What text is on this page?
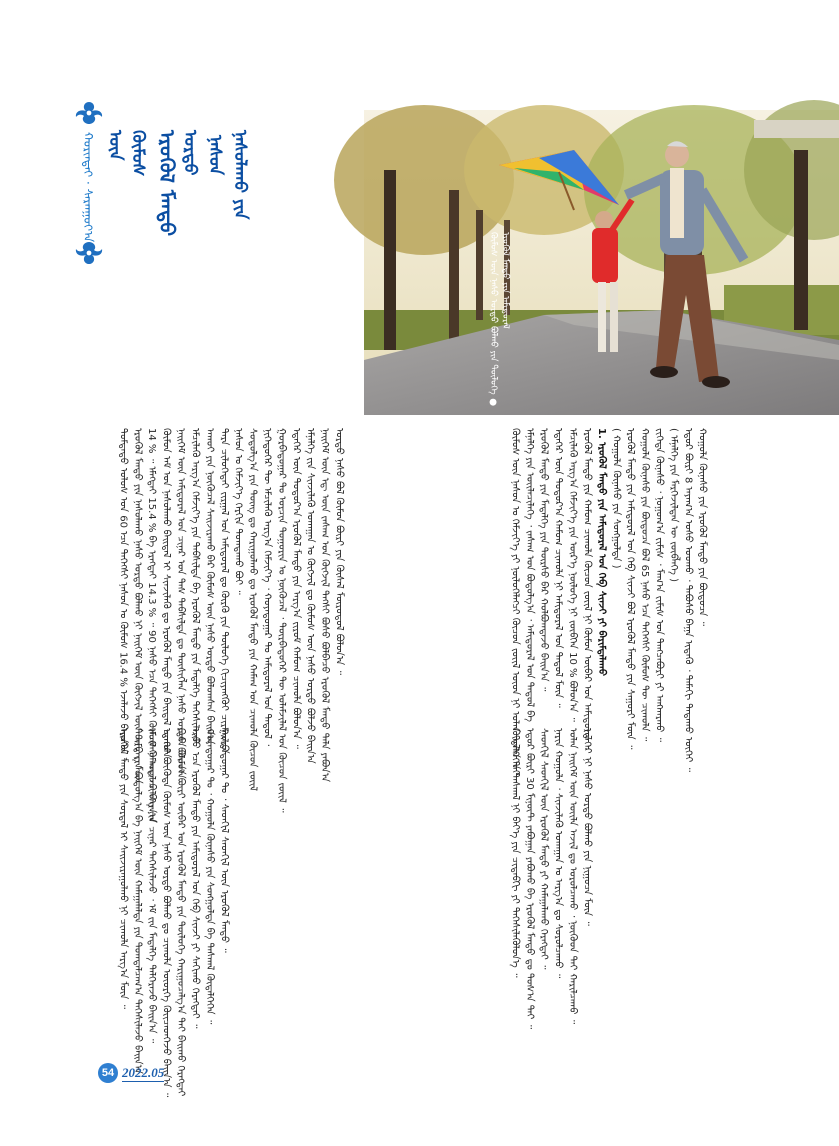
ᠡᠷᠦᠬᠦᠯ ᠮᠡᠨᠳᠦ
ᠬᠦᠮᠦᠰ
ᠦᠨ	ᠨᠠᠰᠤᠨ
ᠤᠷᠲᠤ ᠨᠠᠰᠤᠯᠠᠬᠤ ᠶᠢᠨ
ᠬᠣᠷᠢᠨᠳᠠᠢ · ᠰᠠᠷᠠᠨᠭᠤᠶ᠎ᠠ
ᠬᠦᠮᠦᠰ ᠦᠨ ᠨᠠᠰᠤ ᠤᠷᠲᠤ ᠪᠣᠯᠬᠤ ᠶᠢᠨ ᠲᠥᠯᠦᠭᠡ ● ᠡᠷᠦᠬᠦᠯ ᠮᠡᠨᠳᠦ ᠶᠢᠨ ᠠᠮᠢᠳᠤᠷᠠᠯ
ᠳᠤᠮᠳᠠᠳᠤ ᠤᠯᠤᠰ ᠤᠨ 60 ᠡᠴᠡ ᠳᠡᠭᠡᠭᠰᠢ ᠨᠠᠰᠤᠨ ᠤ ᠬᠦᠮᠦᠰ 16.4 % ᠡᠵᠡᠯᠡᠵᠦ ᠪᠠᠢᠨ᠎ᠠ ᠃ ᠡᠷᠦᠬᠦᠯ ᠮᠡᠨᠳᠦ ᠶᠢᠨ ᠨᠠᠰᠤᠯᠠᠬᠤ ᠨᠠᠰᠤ ᠤᠷᠲᠤ ᠪᠣᠯᠬᠤ ᠨᠢ ᠨᠡᠢᠭᠡᠮ ᠦᠨ ᠬᠥᠭᠵᠢᠯ ᠦᠨ ᠲᠡᠮᠳᠡᠭ ᠮᠥᠨ ᠃ 14 % ᠃ ᠡᠮᠡᠭᠲᠡᠢ 15.4 % ᠪᠠ ᠡᠷᠡᠭᠲᠡᠢ 14.3 % ᠃ 90 ᠨᠠᠰᠤ ᠡᠴᠡ ᠳᠡᠭᠡᠭᠰᠢ ᠬᠦᠮᠦᠰ ᠨᠡᠮᠡᠭ᠍ᠳᠡᠵᠦ ᠪᠠᠢᠨ᠎ᠠ ᠬᠦᠮᠦᠨ ᠠᠮ ᠤᠨ ᠨᠠᠰᠤᠯᠠᠬᠤ ᠪᠠᠢᠳᠠᠯ ᠢ ᠰᠢᠨᠵᠢᠯᠡᠬᠦ ᠳᠤ ᠡᠷᠦᠬᠦᠯ ᠮᠡᠨᠳᠦ ᠶᠢᠨ ᠪᠠᠢᠳᠠᠯ ᠴᠢᠬᠤᠯᠠ ᠨᠡᠢᠭᠡᠮ ᠦᠨ ᠠᠮᠢᠳᠤᠷᠠᠯ ᠤᠨ ᠴᠢᠨᠠᠷ ᠤᠨ ᠳᠡᠰ ᠳᠡᠪᠰᠢᠯᠲᠡ ᠳᠤ ᠲᠦᠰᠢᠭᠯᠡᠨ ᠨᠠᠰᠤ ᠤᠷᠲᠤ ᠪᠣᠯᠤᠨ᠎ᠠ ᠡᠮᠴᠢᠯᠡᠬᠦ ᠠᠷᠭ᠎ᠠ ᠬᠡᠮᠵᠢᠶ᠎ᠡ ᠶᠢᠨ ᠳᠡᠪᠰᠢᠯᠲᠡ ᠪᠠ ᠡᠷᠦᠬᠦᠯ ᠮᠡᠨᠳᠦ ᠶᠢᠨ ᠮᠡᠳᠡᠯᠭᠡ ᠳᠡᠭᠡᠰᠢᠯᠡᠵᠦ ᠠᠬᠤᠢ ᠶᠢᠨ ᠨᠥᠬᠦᠴᠡᠯ ᠰᠠᠢᠵᠢᠷᠠᠬᠤ ᠪᠠᠷ ᠬᠦᠮᠦᠰ ᠦᠨ ᠨᠠᠰᠤ ᠤᠷᠲᠤ ᠪᠣᠯᠤᠭᠰᠠᠨ ᠪᠠᠢᠨ᠎ᠠ ᠃ ᠲᠡᠷᠡ ᠴᠢᠯᠦᠭᠡᠲᠡᠢ ᠵᠢᠷᠭᠠᠯ ᠤᠨ ᠠᠮᠢᠳᠤᠷᠠᠯ ᠳᠤ ᠬᠦᠷᠬᠦ ᠶᠢᠨ ᠲᠥᠯᠦᠭᠡ ᠬᠢᠴᠢᠶᠡᠩᠭᠦᠢ ᠴᠢᠷᠮᠠᠢᠯᠲᠠ ᠨᠠᠰᠤᠨ ᠤ ᠬᠡᠮᠵᠢᠶ᠎ᠡ ᠬᠡᠷᠬᠢᠨ ᠲᠣᠭᠲᠠᠬᠤ ᠪᠤᠢ ᠃ ᠰᠤᠳᠤᠯᠭ᠎ᠠ ᠶᠢᠨ ᠳᠦᠩ ᠳᠤ ᠬᠠᠷᠢᠭᠤᠯᠬᠤ ᠳᠤ ᠡᠷᠦᠬᠦᠯ ᠮᠡᠨᠳᠦ ᠶᠢᠨ ᠬᠠᠮᠠᠭ ᠤᠨ ᠴᠢᠬᠤᠯᠠ ᠬᠦᠴᠦᠨ ᠵᠦᠢᠯ ᠨᠢᠭᠡᠳᠦᠭᠡᠷ ᠲᠦ ᠡᠮᠴᠢᠯᠡᠬᠦ ᠠᠷᠭ᠎ᠠ ᠬᠡᠮᠵᠢᠶ᠎ᠡ ᠂ ᠬᠣᠶᠠᠳᠤᠭᠠᠷ ᠲᠤ ᠠᠮᠢᠳᠤᠷᠠᠯ ᠤᠨ ᠳᠠᠳᠤᠯ ᠂ ᠭᠤᠷᠪᠠᠳᠤᠭᠠᠷ ᠲᠤ ᠣᠷᠴᠢᠨ ᠲᠣᠭᠣᠷᠢᠨ ᠤ ᠨᠥᠬᠦᠴᠡᠯ ᠂ ᠳᠥᠷᠪᠡᠳᠦᠭᠡᠷ ᠲᠦ ᠤᠯᠠᠮᠵᠢᠯᠠᠯ ᠤᠨ ᠬᠦᠴᠦᠨ ᠵᠦᠢᠯ ᠃ ᠡᠳᠡᠭᠡᠷ ᠦᠨ ᠳᠣᠲᠣᠷ᠎ᠠ ᠡᠷᠦᠬᠦᠯ ᠮᠡᠨᠳᠦ ᠶᠢᠨ ᠠᠷᠭ᠎ᠠ ᠵᠢᠷᠤᠮ ᠬᠠᠮᠤᠭ ᠴᠢᠬᠤᠯᠠ ᠪᠣᠯᠤᠨ᠎ᠠ ᠃ ᠡᠮᠨᠡᠯᠭᠡ ᠵᠢᠨ ᠰᠢᠨᠵᠢᠯᠡᠬᠦ ᠤᠬᠠᠭᠠᠨ ᠤ ᠬᠥᠭᠵᠢᠯ ᠳᠤ ᠬᠦᠮᠦᠰ ᠦᠨ ᠨᠠᠰᠤ ᠤᠷᠲᠤ ᠪᠣᠯᠵᠤ ᠪᠠᠢᠨ᠎ᠠ ᠨᠡᠢᠭᠡᠮ ᠦᠨ ᠡᠳ᠋ ᠦᠨ ᠵᠠᠰᠠᠭ ᠤᠨ ᠬᠥᠭᠵᠢᠯ ᠲᠡᠭᠰᠢ ᠪᠤᠰᠤ ᠪᠣᠯᠪᠠᠴᠤ ᠡᠷᠦᠬᠦᠯ ᠮᠡᠨᠳᠦ ᠳᠠᠯᠠ ᠶᠠᠪᠤᠨ᠎ᠠ ᠤᠷᠲᠤ ᠨᠠᠰᠤ ᠪᠣᠯ ᠬᠦᠮᠦᠨ ᠪᠦᠷᠢ ᠶᠢᠨ ᠬᠦᠰᠡᠯ ᠮᠥᠷᠥᠳᠥᠯ ᠪᠣᠯᠤᠨ᠎ᠠ ᠃
ᠡᠷᠦᠬᠦᠯ ᠮᠡᠨᠳᠦ ᠶᠢᠨ ᠰᠤᠷᠲᠠᠯ ᠢ ᠰᠠᠢᠵᠢᠷᠠᠭᠤᠯᠬᠤ ᠨᠢ ᠴᠢᠬᠤᠯᠠ ᠠᠷᠭ᠎ᠠ ᠮᠥᠨ ᠃ ᠲᠥᠷᠥ ᠶᠢᠨ ᠪᠣᠳᠣᠯᠭ᠎ᠠ ᠪᠠ ᠨᠡᠢᠭᠡᠮ ᠦᠨ ᠬᠠᠮᠠᠭᠠᠯᠠᠯᠲᠠ ᠶᠢᠨ ᠲᠣᠭᠲᠠᠯᠴᠠᠭ᠎ᠠ ᠳᠡᠭᠡᠰᠢᠯᠡᠵᠦ ᠪᠠᠢᠨ᠎ᠠ ᠡᠮᠴᠢᠯᠡᠬᠦ ᠦᠢᠯᠡᠴᠢᠯᠡᠭᠡ ᠶᠢᠨ ᠴᠢᠨᠠᠷ ᠳᠡᠭᠡᠰᠢᠯᠡᠵᠦ ᠂ ᠡᠮ ᠵᠢᠨ ᠮᠡᠳᠡᠯᠭᠡ ᠳᠡᠯᠭᠡᠷᠡᠵᠦ ᠪᠠᠢᠨ᠎ᠠ ᠃ ᠡᠳᠡᠭᠡᠷ ᠪᠦᠭᠦᠳᠡ ᠬᠦᠮᠦᠰ ᠦᠨ ᠨᠠᠰᠤ ᠤᠷᠲᠤ ᠪᠣᠯᠬᠤ ᠳᠤ ᠴᠢᠬᠤᠯᠠ ᠦᠦᠷᠭᠡ ᠭᠦᠢᠴᠡᠳᠬᠡᠵᠦ ᠪᠠᠢᠨ᠎ᠠ ᠃ ᠪᠠᠰᠠ ᠬᠦᠮᠦᠨ ᠪᠦᠷᠢ ᠥᠪᠡᠷ ᠤᠨ ᠡᠷᠦᠬᠦᠯ ᠮᠡᠨᠳᠦ ᠶᠢᠨ ᠲᠥᠯᠦᠭᠡ ᠬᠠᠷᠢᠭᠤᠴᠠᠯᠭ᠎ᠠ ᠲᠠᠢ ᠪᠠᠢᠬᠤ ᠬᠡᠷᠡᠭᠲᠡᠢ ᠡᠢᠮᠦ ᠡᠴᠡ ᠡᠷᠦᠬᠦᠯ ᠮᠡᠨᠳᠦ ᠶᠢᠨ ᠠᠮᠢᠳᠤᠷᠠᠯ ᠤᠨ ᠬᠡᠪ ᠰᠢᠨᠵᠢ ᠶᠢ ᠰᠠᠬᠢᠬᠤ ᠬᠡᠷᠡᠭᠲᠡᠢ ᠃ ᠬᠣᠶᠠᠳᠤᠭᠠᠷ ᠲᠤ ᠂ ᠬᠣᠭᠣᠯᠠ ᠬᠦᠨᠡᠰᠦ ᠶᠢᠨ ᠰᠣᠩᠭᠣᠯᠲᠠ ᠪᠠ ᠳᠠᠰᠬᠠᠯ ᠬᠥᠳᠡᠯᠭᠡᠭᠡᠨ ᠃ ᠭᠤᠷᠪᠠᠳᠤᠭᠠᠷ ᠲᠤ ᠂ ᠰᠡᠳᠬᠢᠯ ᠰᠡᠳᠬᠢᠯ ᠦᠨ ᠡᠷᠦᠬᠦᠯ ᠮᠡᠨᠳᠦ ᠃
ᠬᠦᠮᠦᠰ ᠦᠨ ᠨᠠᠰᠤᠨ ᠤ ᠬᠡᠮᠵᠢᠶ᠎ᠡ ᠶᠢ ᠨᠥᠯᠥᠭᠡᠯᠡᠭᠴᠢ ᠬᠦᠴᠦᠨ ᠵᠦᠢᠯ ᠦᠳ ᠨᠢ ᠣᠯᠠᠨ ᠲᠠᠯ᠎ᠠ ᠲᠠᠢ ᠡᠮᠨᠡᠯᠭᠡ ᠶᠢᠨ ᠦᠢᠯᠡᠴᠢᠯᠡᠭᠡ ᠂ ᠵᠠᠰᠠᠭ ᠤᠨ ᠪᠣᠳᠣᠯᠭ᠎ᠠ ᠂ ᠠᠮᠢᠳᠤᠷᠠᠯ ᠤᠨ ᠳᠠᠳᠤᠯ ᠪᠠ ᠡᠷᠦᠬᠦᠯ ᠮᠡᠨᠳᠦ ᠶᠢᠨ ᠮᠡᠳᠡᠯᠭᠡ ᠶᠢᠨ ᠳᠦᠷᠰᠦ ᠪᠠᠷ ᠬᠣᠯᠪᠣᠭᠳᠠᠵᠤ ᠪᠠᠢᠨ᠎ᠠ ᠃ ᠡᠳᠡᠭᠡᠷ ᠦᠨ ᠳᠣᠲᠣᠷ᠎ᠠ ᠬᠠᠮᠤᠭ ᠴᠢᠬᠤᠯᠠ ᠨᠢ ᠠᠮᠢᠳᠤᠷᠠᠯ ᠤᠨ ᠳᠠᠳᠤᠯ ᠮᠥᠨ ᠃ ᠡᠮᠴᠢᠯᠡᠬᠦ ᠠᠷᠭ᠎ᠠ ᠬᠡᠮᠵᠢᠶ᠎ᠡ ᠶᠢᠨ ᠦᠷ᠎ᠡ ᠨᠥᠯᠥᠭᠡ ᠨᠢ ᠵᠥᠪᠬᠡᠨ 10 % ᠪᠣᠯᠤᠨ᠎ᠠ ᠃ ᠡᠷᠦᠬᠦᠯ ᠮᠡᠨᠳᠦ ᠶᠢᠨ ᠬᠠᠮᠤᠭ ᠴᠢᠬᠤᠯᠠ ᠬᠦᠴᠦᠨ ᠵᠦᠢᠯ ᠨᠢ ᠬᠦᠮᠦᠨ ᠥᠪᠡᠷ ᠤᠨ ᠠᠮᠢᠳᠤᠷᠠᠯ ᠃ 1. ᠡᠷᠦᠬᠦᠯ ᠮᠡᠨᠳᠦ ᠶᠢᠨ ᠠᠮᠢᠳᠤᠷᠠᠯ ᠤᠨ ᠬᠡᠪ ᠰᠢᠨᠵᠢ ᠶᠢ ᠪᠠᠷᠢᠮᠲᠠᠯᠠᠬᠤ ( ᠬᠣᠭᠣᠯᠠ ᠬᠦᠨᠡᠰᠦ ᠶᠢᠨ ᠰᠣᠩᠭᠣᠯᠲᠠ ) ᠡᠷᠦᠬᠦᠯ ᠮᠡᠨᠳᠦ ᠶᠢᠨ ᠠᠮᠢᠳᠤᠷᠠᠯ ᠤᠨ ᠬᠡᠪ ᠰᠢᠨᠵᠢ ᠪᠣᠯ ᠡᠷᠦᠬᠦᠯ ᠮᠡᠨᠳᠦ ᠶᠢᠨ ᠰᠠᠭᠤᠷᠢ ᠮᠥᠨ ᠃ ᠬᠣᠭᠣᠯᠠ ᠬᠦᠨᠡᠰᠦ ᠶᠢᠨ ᠪᠦᠲᠦᠴᠡ ᠪᠣᠯ 65 ᠨᠠᠰᠤ ᠡᠴᠡ ᠳᠡᠭᠡᠭᠰᠢ ᠬᠦᠮᠦᠰ ᠲᠦ ᠴᠢᠬᠤᠯᠠ ᠃ ᠵᠢᠭᠡᠳᠡ ᠬᠦᠨᠡᠰᠦ ᠂ ᠨᠣᠭᠤᠭ᠎ᠠ ᠵᠢᠮᠢᠰ ᠂ ᠮᠠᠬ᠎ᠠ ᠵᠢᠮᠢᠰ ᠤᠨ ᠲᠡᠩᠴᠡᠪᠦᠷᠢ ᠶᠢ ᠠᠩᠬᠠᠷᠬᠤ ᠃ ( ᠡᠮᠨᠡᠯᠭᠡ ᠶᠢᠨ ᠮᠡᠷᠭᠡᠵᠢᠯᠲᠡᠨ ᠦ ᠵᠥᠪᠯᠡᠭᠡ ) ᠡᠳᠦᠷ ᠪᠦᠷᠢ 8 ᠠᠶᠠᠭ᠎ᠠ ᠤᠰᠤ ᠤᠤᠬᠤ ᠂ ᠳᠠᠪᠤᠰᠤ ᠪᠠᠭᠠ ᠢᠳᠡᠬᠦ ᠂ ᠲᠠᠮᠠᠬᠢ ᠲᠠᠲᠠᠬᠤ ᠦᠭᠡᠢ ᠃ ᠬᠣᠭᠣᠯᠠ ᠬᠦᠨᠡᠰᠦ ᠶᠢᠨ ᠡᠷᠦᠬᠦᠯ ᠮᠡᠨᠳᠦ ᠶᠢᠨ ᠪᠦᠲᠦᠴᠡ ᠃
ᠬᠥᠳᠡᠯᠭᠡᠭᠡᠨ ᠳᠠᠰᠬᠠᠯ ᠨᠢ ᠪᠡᠶ᠎ᠡ ᠶᠢᠨ ᠴᠢᠳᠠᠪᠬᠢ ᠶᠢ ᠳᠡᠭᠡᠰᠢᠯᠡᠭᠦᠯᠦᠨ᠎ᠡ ᠃ ᠡᠳᠦᠷ ᠪᠦᠷᠢ 30 ᠮᠢᠨᠦ᠋ᠲ ᠶᠠᠪᠤᠭᠠᠨ ᠶᠠᠪᠤᠬᠤ ᠪᠠ ᠡᠷᠦᠬᠦᠯ ᠮᠡᠨᠳᠦ ᠳᠤ ᠲᠤᠰ᠎ᠠ ᠲᠠᠢ ᠃ ᠰᠡᠳᠬᠢᠯ ᠰᠡᠳᠬᠢᠯ ᠦᠨ ᠡᠷᠦᠬᠦᠯ ᠮᠡᠨᠳᠦ ᠶᠢ ᠬᠠᠮᠠᠭᠠᠯᠠᠬᠤ ᠬᠡᠷᠡᠭᠲᠡᠢ ᠃ ᠨᠠᠷᠢᠨ ᠬᠣᠭᠣᠯᠠ ᠂ ᠰᠢᠨᠵᠢᠯᠡᠬᠦ ᠤᠬᠠᠭᠠᠨ ᠤ ᠠᠷᠭ᠎ᠠ ᠳᠤ ᠰᠤᠷᠤᠯᠴᠠᠬᠤ ᠃ ᠣᠯᠠᠨ ᠨᠡᠢᠭᠡᠮ ᠦᠨ ᠦᠢᠯᠡ ᠠᠵᠢᠯ ᠳᠤ ᠣᠷᠣᠯᠴᠠᠬᠤ ᠂ ᠨᠥᠬᠦᠳ ᠲᠡᠢ ᠬᠠᠷᠢᠯᠴᠠᠬᠤ ᠃ ᠡᠳᠡᠭᠡᠷ ᠨᠢ ᠨᠠᠰᠤ ᠤᠷᠲᠤ ᠪᠣᠯᠬᠤ ᠶᠢᠨ ᠨᠢᠭᠤᠴᠠ ᠮᠥᠨ ᠃
54 2022.05
